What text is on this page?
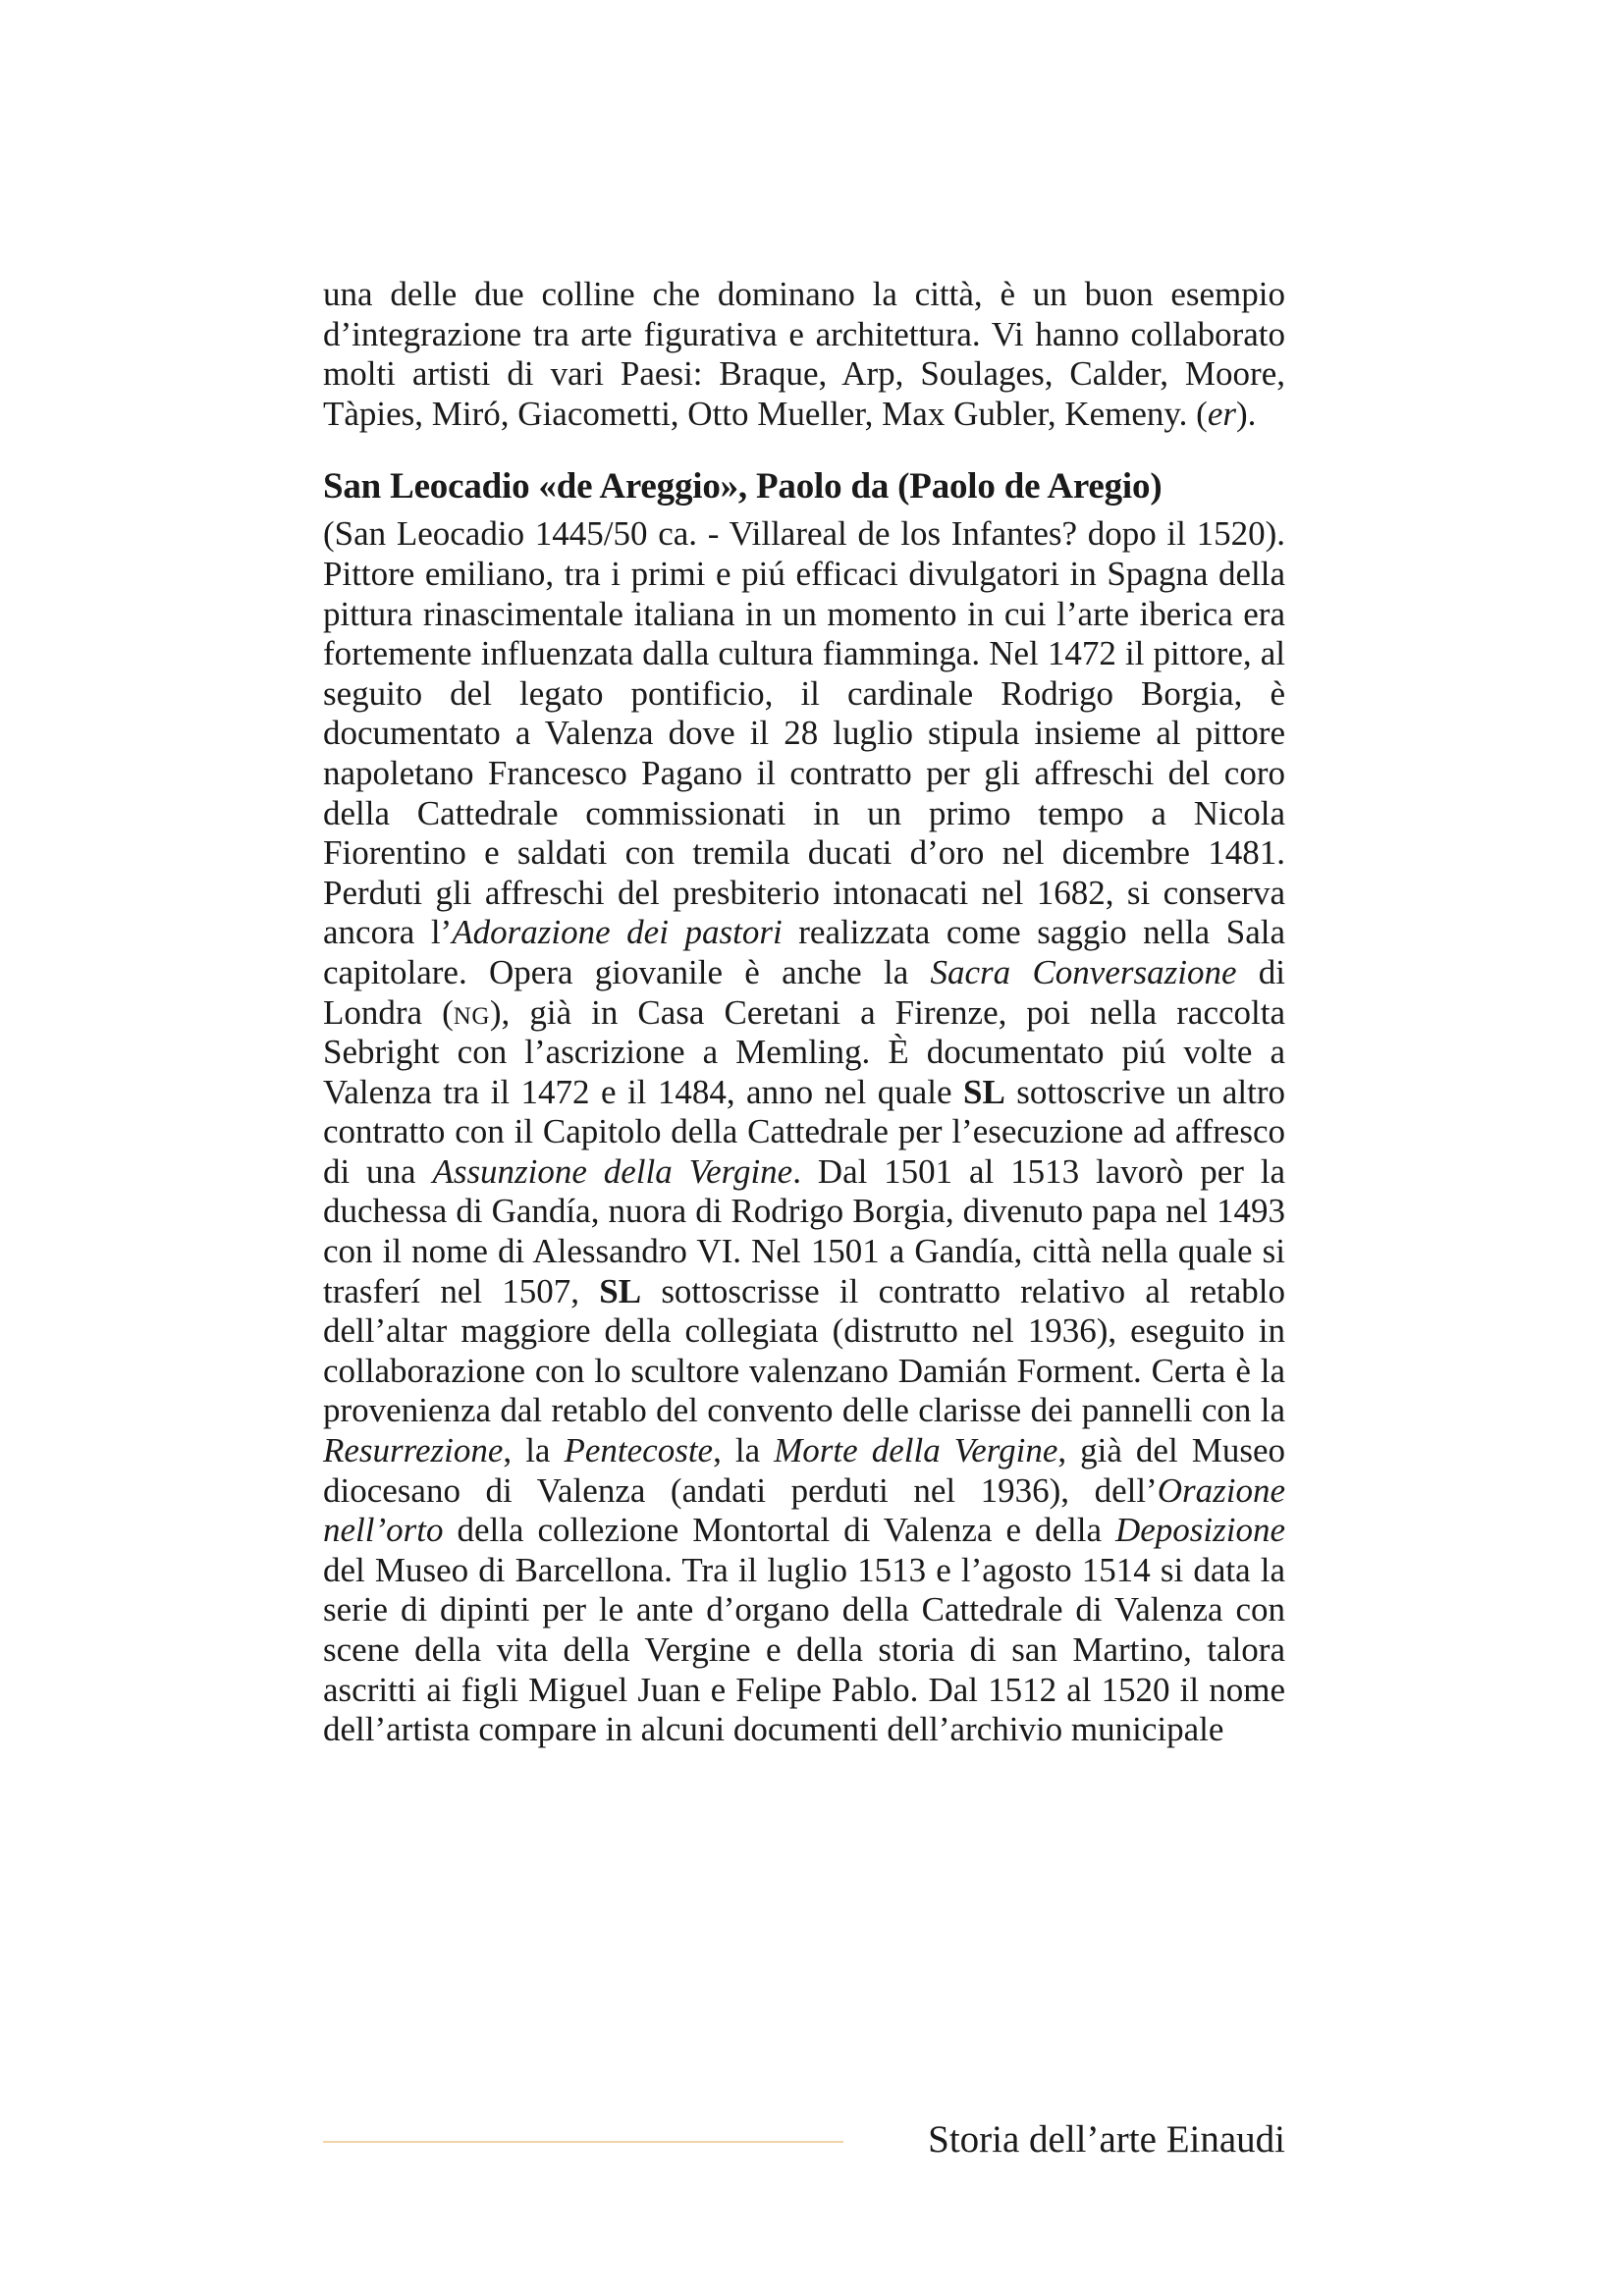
una delle due colline che dominano la città, è un buon esempio d’integrazione tra arte figurativa e architettura. Vi hanno collaborato molti artisti di vari Paesi: Braque, Arp, Soulages, Calder, Moore, Tàpies, Miró, Giacometti, Otto Mueller, Max Gubler, Kemeny. (er).

San Leocadio «de Areggio», Paolo da (Paolo de Aregio)

(San Leocadio 1445/50 ca. - Villareal de los Infantes? dopo il 1520). Pittore emiliano, tra i primi e piú efficaci divulgatori in Spagna della pittura rinascimentale italiana in un momento in cui l’arte iberica era fortemente influenzata dalla cultura fiamminga. Nel 1472 il pittore, al seguito del legato pontificio, il cardinale Rodrigo Borgia, è documentato a Valenza dove il 28 luglio stipula insieme al pittore napoletano Francesco Pagano il contratto per gli affreschi del coro della Cattedrale commissionati in un primo tempo a Nicola Fiorentino e saldati con tremila ducati d’oro nel dicembre 1481. Perduti gli affreschi del presbiterio intonacati nel 1682, si conserva ancora l’Adorazione dei pastori realizzata come saggio nella Sala capitolare. Opera giovanile è anche la Sacra Conversazione di Londra (ng), già in Casa Ceretani a Firenze, poi nella raccolta Sebright con l’ascrizione a Memling. È documentato piú volte a Valenza tra il 1472 e il 1484, anno nel quale SL sottoscrive un altro contratto con il Capitolo della Cattedrale per l’esecuzione ad affresco di una Assunzione della Vergine. Dal 1501 al 1513 lavorò per la duchessa di Gandía, nuora di Rodrigo Borgia, divenuto papa nel 1493 con il nome di Alessandro VI. Nel 1501 a Gandía, città nella quale si trasferí nel 1507, SL sottoscrisse il contratto relativo al retablo dell’altar maggiore della collegiata (distrutto nel 1936), eseguito in collaborazione con lo scultore valenzano Damián Forment. Certa è la provenienza dal retablo del convento delle clarisse dei pannelli con la Resurrezione, la Pentecoste, la Morte della Vergine, già del Museo diocesano di Valenza (andati perduti nel 1936), dell’Orazione nell’orto della collezione Montortal di Valenza e della Deposizione del Museo di Barcellona. Tra il luglio 1513 e l’agosto 1514 si data la serie di dipinti per le ante d’organo della Cattedrale di Valenza con scene della vita della Vergine e della storia di san Martino, talora ascritti ai figli Miguel Juan e Felipe Pablo. Dal 1512 al 1520 il nome dell’artista compare in alcuni documenti dell’archivio municipale

Storia dell’arte Einaudi
